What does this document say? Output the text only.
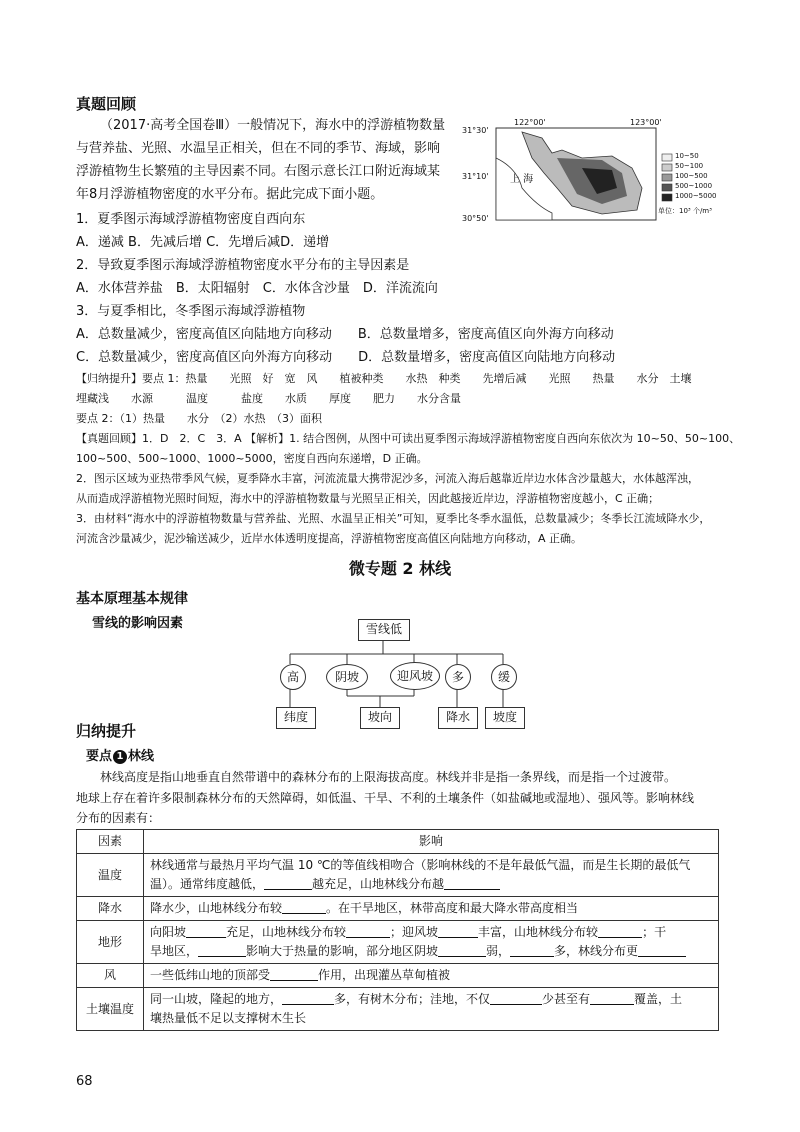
真题回顾
（2017·高考全国卷Ⅲ）一般情况下，海水中的浮游植物数量
与营养盐、光照、水温呈正相关，但在不同的季节、海域，影响
浮游植物生长繁殖的主导因素不同。右图示意长江口附近海域某
年8月浮游植物密度的水平分布。据此完成下面小题。
122°00'	123°00'
31°30'
31°10'
30°50'
上 海
10~50
50~100
100~500
500~1000
1000~5000
单位：10³ 个/m³
1．夏季图示海域浮游植物密度自西向东
A．递减 B．先减后增 C．先增后减D．递增
2．导致夏季图示海域浮游植物密度水平分布的主导因素是
A．水体营养盐　B．太阳辐射　C．水体含沙量　D．洋流流向
3．与夏季相比，冬季图示海域浮游植物
A．总数量减少，密度高值区向陆地方向移动　　B．总数量增多，密度高值区向外海方向移动
C．总数量减少，密度高值区向外海方向移动　　D．总数量增多，密度高值区向陆地方向移动
【归纳提升】要点 1：热量　　光照　好　宽　风　　植被种类　　水热　种类　　先增后减　　光照　　热量　　水分　土壤
埋藏浅　　水源　　　温度　　　盐度　　水质　　厚度　　肥力　　水分含量
要点 2：（1）热量　　水分　（2）水热　（3）面积
【真题回顾】1．D　2．C　3．A 【解析】1. 结合图例，从图中可读出夏季图示海域浮游植物密度自西向东依次为 10~50、50~100、
100~500、500~1000、1000~5000，密度自西向东递增，D 正确。
2．图示区域为亚热带季风气候，夏季降水丰富，河流流量大携带泥沙多，河流入海后越靠近岸边水体含沙量越大，水体越浑浊，
从而造成浮游植物光照时间短，海水中的浮游植物数量与光照呈正相关，因此越接近岸边，浮游植物密度越小，C 正确；
3．由材料“海水中的浮游植物数量与营养盐、光照、水温呈正相关”可知，夏季比冬季水温低，总数量减少；冬季长江流域降水少，
河流含沙量减少，泥沙输送减少，近岸水体透明度提高，浮游植物密度高值区向陆地方向移动，A 正确。
微专题 2 林线
基本原理基本规律
雪线的影响因素	雪线低
高	阴坡	迎风坡	多	缓
纬度	坡向	降水	坡度
归纳提升
要点 1 林线
林线高度是指山地垂直自然带谱中的森林分布的上限海拔高度。林线并非是指一条界线，而是指一个过渡带。
地球上存在着许多限制森林分布的天然障碍，如低温、干旱、不利的土壤条件（如盐碱地或湿地）、强风等。影响林线
分布的因素有：
因素	影响
温度	林线通常与最热月平均气温 10 ℃的等值线相吻合（影响林线的不是年最低气温，而是生长期的最低气
温）。通常纬度越低， 越充足，山地林线分布越

降水	降水少，山地林线分布较 。在干旱地区，林带高度和最大降水带高度相当
地形	向阳坡 充足，山地林线分布较 ；迎风坡 丰富，山地林线分布较 ；干
旱地区， 影响大于热量的影响，部分地区阴坡 弱， 多，林线分布更

风	一些低纬山地的顶部受 作用，出现灌丛草甸植被
土壤温度	同一山坡，隆起的地方， 多，有树木分布；洼地，不仅 少甚至有 覆盖，土
壤热量低不足以支撑树木生长
68
